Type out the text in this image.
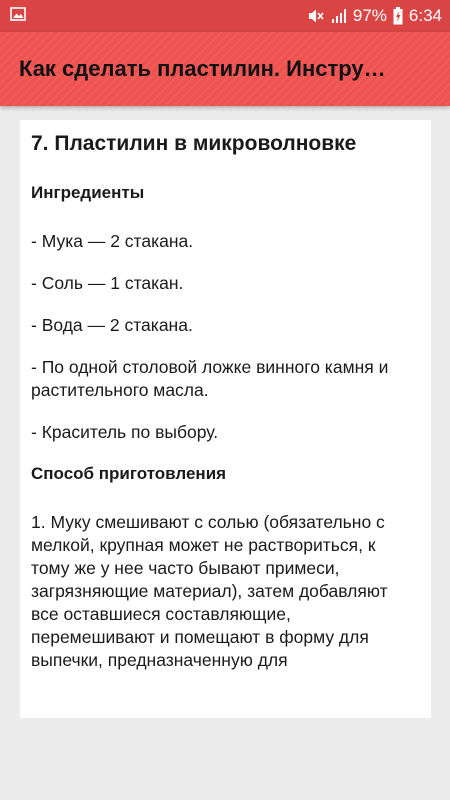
97% 6:34
Как сделать пластилин. Инстру…
7. Пластилин в микроволновке
Ингредиенты

- Мука — 2 стакана.

- Соль — 1 стакан.

- Вода — 2 стакана.

- По одной столовой ложке винного камня и растительного масла.

- Краситель по выбору.

Способ приготовления

1. Муку смешивают с солью (обязательно с мелкой, крупная может не раствориться, к тому же у нее часто бывают примеси, загрязняющие материал), затем добавляют все оставшиеся составляющие, перемешивают и помещают в форму для выпечки, предназначенную для
